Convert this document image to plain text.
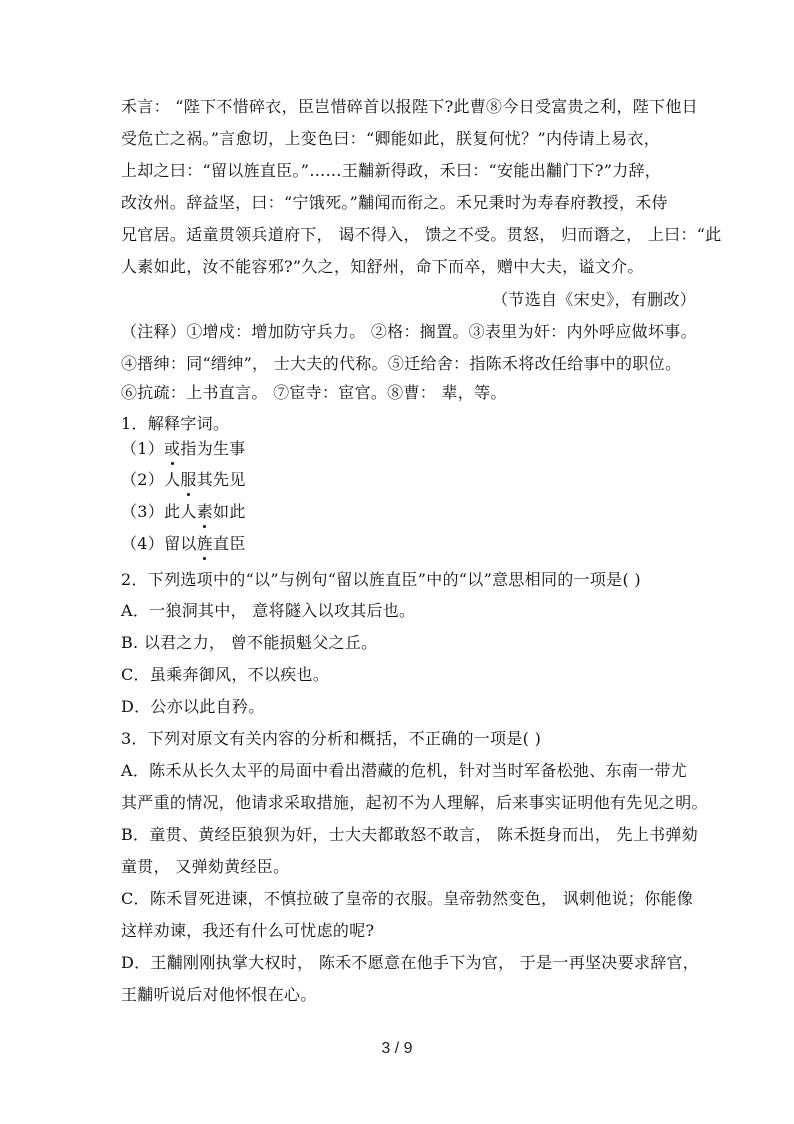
禾言： “陛下不惜碎衣，臣岂惜碎首以报陛下?此曹⑧今日受富贵之利，陛下他日
受危亡之祸。”言愈切，上变色曰：“卿能如此，朕复何忧？”内侍请上易衣，
上却之曰：“留以旌直臣。”……王黼新得政，禾曰：“安能出黼门下?”力辞，
改汝州。辞益坚，曰：“宁饿死。”黼闻而衔之。禾兄秉时为寿春府教授，禾侍
兄官居。适童贯领兵道府下， 谒不得入， 馈之不受。贯怒， 归而谮之， 上曰：“此
人素如此，汝不能容邪?”久之，知舒州，命下而卒，赠中大夫，谥文介。
（节选自《宋史》，有删改）
（注释）①增戍：增加防守兵力。 ②格：搁置。③表里为奸：内外呼应做坏事。
④搢绅：同“缙绅”， 士大夫的代称。⑤迁给舍：指陈禾将改任给事中的职位。
⑥抗疏：上书直言。 ⑦宦寺：宦官。⑧曹： 辈，等。
1．解释字词。
（1）或指为生事
（2）人服其先见
（3）此人素如此
（4）留以旌直臣
2．下列选项中的“以”与例句“留以旌直臣”中的“以”意思相同的一项是( )
A．一狼洞其中， 意将隧入以攻其后也。
B. 以君之力， 曾不能损魁父之丘。
C．虽乘奔御风，不以疾也。
D．公亦以此自矜。
3．下列对原文有关内容的分析和概括，不正确的一项是( )
A．陈禾从长久太平的局面中看出潜藏的危机，针对当时军备松弛、东南一带尤
其严重的情况，他请求采取措施，起初不为人理解，后来事实证明他有先见之明。
B．童贯、黄经臣狼狈为奸，士大夫都敢怒不敢言， 陈禾挺身而出， 先上书弹劾
童贯， 又弹劾黄经臣。
C．陈禾冒死进谏，不慎拉破了皇帝的衣服。皇帝勃然变色， 讽刺他说；你能像
这样劝谏，我还有什么可忧虑的呢?
D．王黼刚刚执掌大权时， 陈禾不愿意在他手下为官， 于是一再坚决要求辞官，
王黼听说后对他怀恨在心。
3 / 9
